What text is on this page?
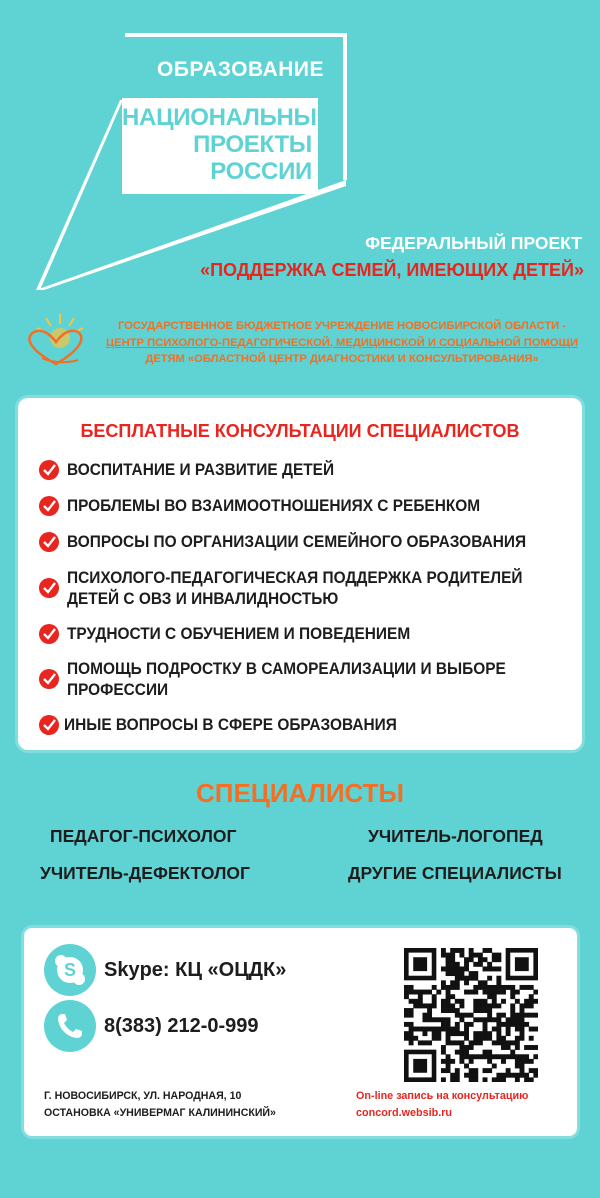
ОБРАЗОВАНИЕ
НАЦИОНАЛЬНЫЕ
ПРОЕКТЫ
РОССИИ
ФЕДЕРАЛЬНЫЙ ПРОЕКТ
«ПОДДЕРЖКА СЕМЕЙ, ИМЕЮЩИХ ДЕТЕЙ»
ГОСУДАРСТВЕННОЕ БЮДЖЕТНОЕ УЧРЕЖДЕНИЕ НОВОСИБИРСКОЙ ОБЛАСТИ -
ЦЕНТР ПСИХОЛОГО-ПЕДАГОГИЧЕСКОЙ, МЕДИЦИНСКОЙ И СОЦИАЛЬНОЙ ПОМОЩИ
ДЕТЯМ «ОБЛАСТНОЙ ЦЕНТР ДИАГНОСТИКИ И КОНСУЛЬТИРОВАНИЯ»
БЕСПЛАТНЫЕ КОНСУЛЬТАЦИИ СПЕЦИАЛИСТОВ
ВОСПИТАНИЕ И РАЗВИТИЕ ДЕТЕЙ
ПРОБЛЕМЫ ВО ВЗАИМООТНОШЕНИЯХ С РЕБЕНКОМ
ВОПРОСЫ ПО ОРГАНИЗАЦИИ СЕМЕЙНОГО ОБРАЗОВАНИЯ
ПСИХОЛОГО-ПЕДАГОГИЧЕСКАЯ ПОДДЕРЖКА РОДИТЕЛЕЙ ДЕТЕЙ С ОВЗ И ИНВАЛИДНОСТЬЮ
ТРУДНОСТИ С ОБУЧЕНИЕМ И ПОВЕДЕНИЕМ
ПОМОЩЬ ПОДРОСТКУ В САМОРЕАЛИЗАЦИИ И ВЫБОРЕ ПРОФЕССИИ
ИНЫЕ ВОПРОСЫ В СФЕРЕ ОБРАЗОВАНИЯ
СПЕЦИАЛИСТЫ
ПЕДАГОГ-ПСИХОЛОГ	УЧИТЕЛЬ-ЛОГОПЕД
УЧИТЕЛЬ-ДЕФЕКТОЛОГ	ДРУГИЕ СПЕЦИАЛИСТЫ
S Skype: КЦ «ОЦДК»
8(383) 212-0-999
Г. НОВОСИБИРСК, УЛ. НАРОДНАЯ, 10
ОСТАНОВКА «УНИВЕРМАГ КАЛИНИНСКИЙ»
On-line запись на консультацию
concord.websib.ru
